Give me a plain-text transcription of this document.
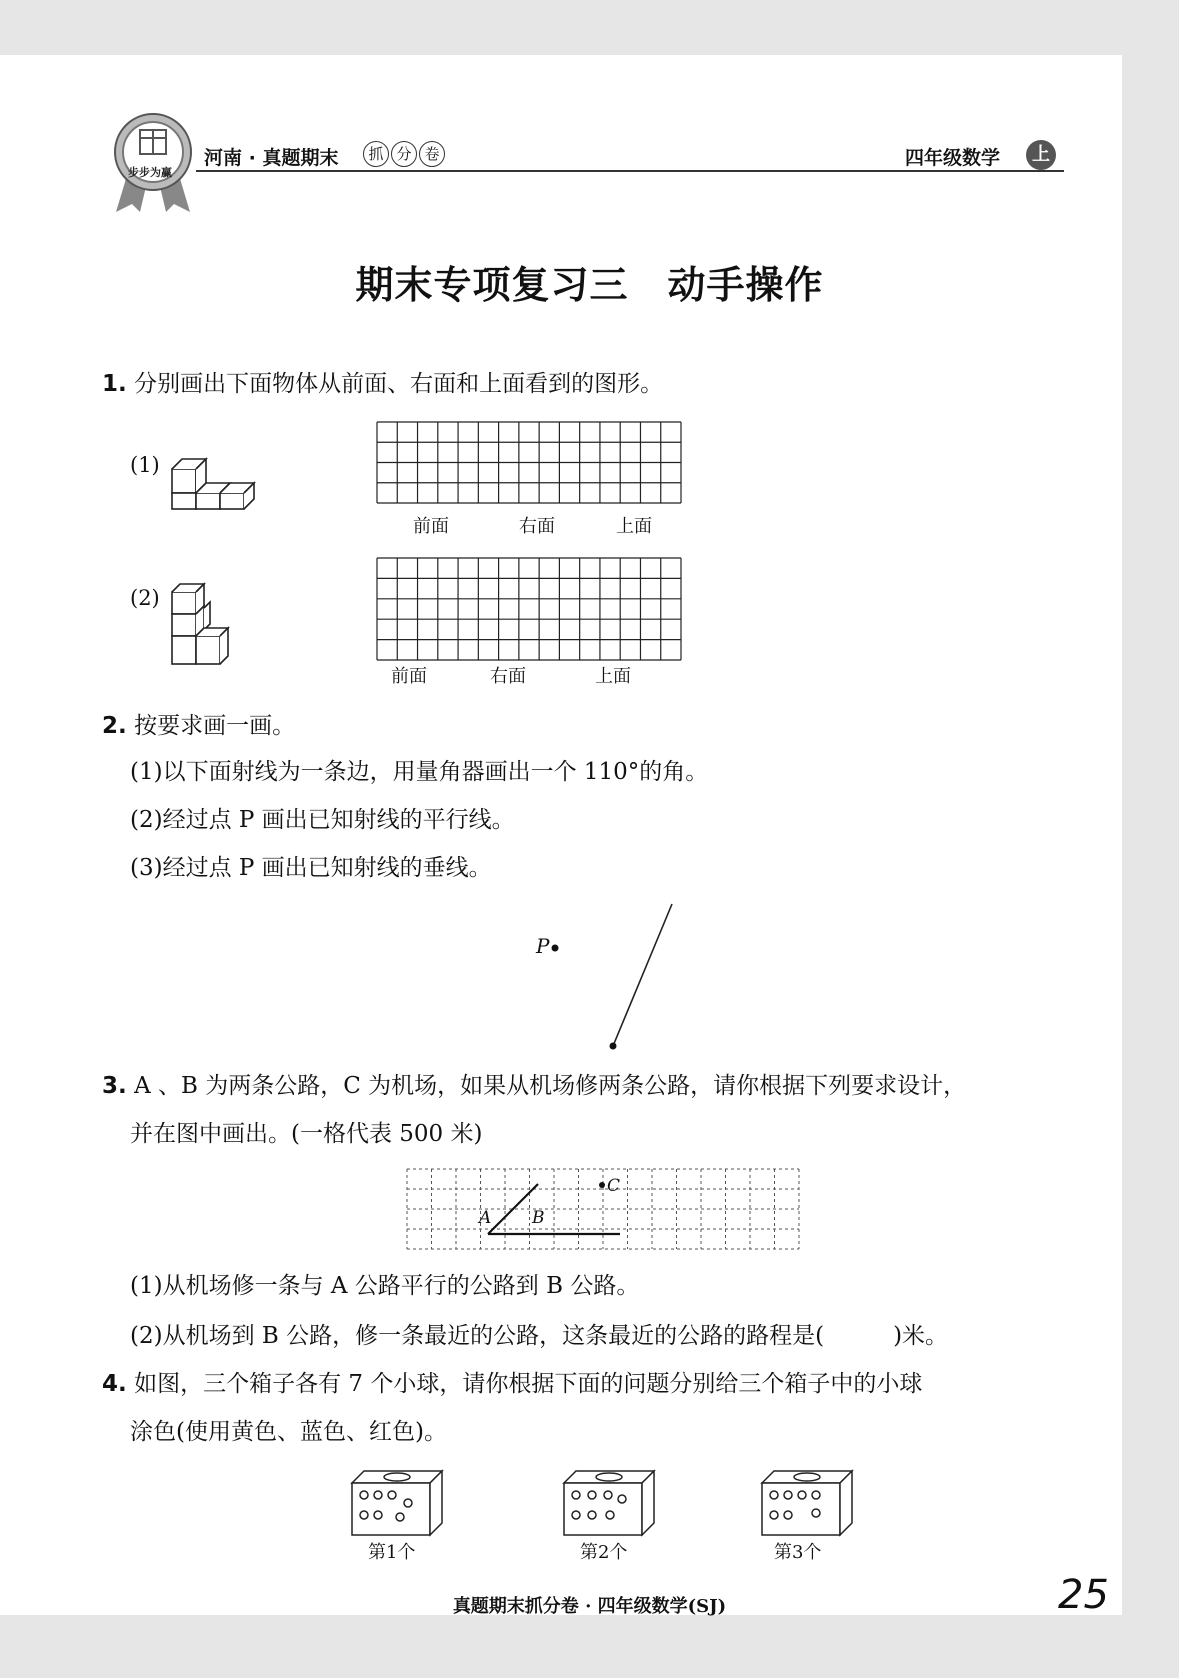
步步为赢
河南 · 真题期末	抓 分 卷	四年级数学	上
期末专项复习三　动手操作
1. 分别画出下面物体从前面、右面和上面看到的图形。
(1)
前面	右面	上面
(2)
前面	右面	上面
2. 按要求画一画。
(1)以下面射线为一条边，用量角器画出一个 110°的角。
(2)经过点 P 画出已知射线的平行线。
(3)经过点 P 画出已知射线的垂线。
P
3. A 、B 为两条公路，C 为机场，如果从机场修两条公路，请你根据下列要求设计，
并在图中画出。(一格代表 500 米)
A B
C
(1)从机场修一条与 A 公路平行的公路到 B 公路。
(2)从机场到 B 公路，修一条最近的公路，这条最近的公路的路程是(　　　)米。
4. 如图，三个箱子各有 7 个小球，请你根据下面的问题分别给三个箱子中的小球
涂色(使用黄色、蓝色、红色)。
第1个	第2个	第3个
真题期末抓分卷 · 四年级数学(SJ)	25
